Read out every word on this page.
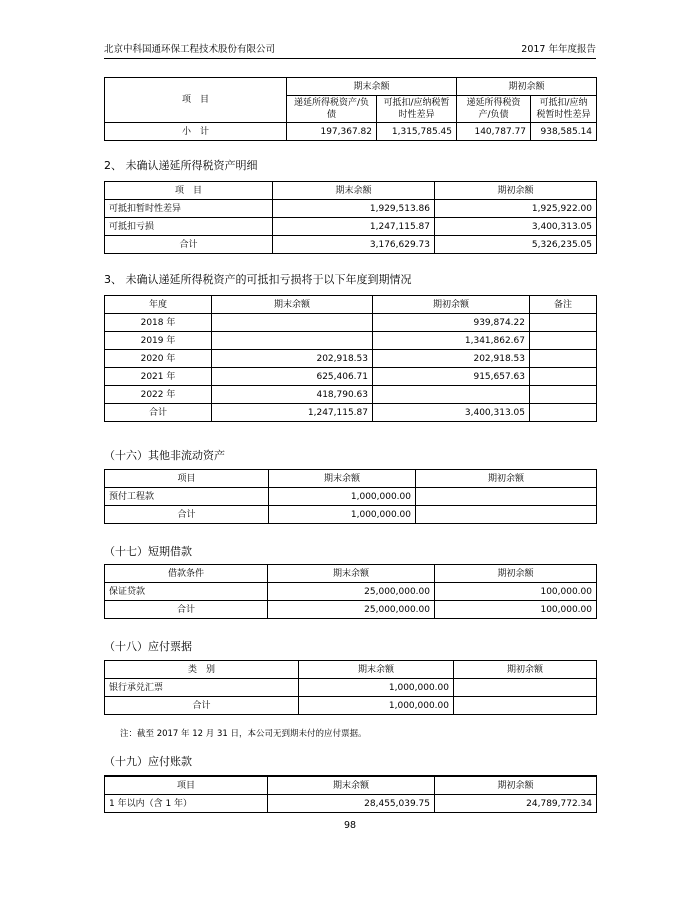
北京中科国通环保工程技术股份有限公司	2017 年年度报告
项　目	期末余额		期初余额	
	递延所得税资产/负债	可抵扣/应纳税暂时性差异	递延所得税资产/负债	可抵扣/应纳税暂时性差异
小　计	197,367.82	1,315,785.45	140,787.77	938,585.14
2、 未确认递延所得税资产明细
项　目	期末余额	期初余额
可抵扣暂时性差异	1,929,513.86	1,925,922.00
可抵扣亏损	1,247,115.87	3,400,313.05
合计	3,176,629.73	5,326,235.05
3、 未确认递延所得税资产的可抵扣亏损将于以下年度到期情况
年度	期末余额	期初余额	备注
2018 年		939,874.22	
2019 年		1,341,862.67	
2020 年	202,918.53	202,918.53	
2021 年	625,406.71	915,657.63	
2022 年	418,790.63		
合计	1,247,115.87	3,400,313.05	
（十六）其他非流动资产
项目	期末余额	期初余额
预付工程款	1,000,000.00	
合计	1,000,000.00	
（十七）短期借款
借款条件	期末余额	期初余额
保证贷款	25,000,000.00	100,000.00
合计	25,000,000.00	100,000.00
（十八）应付票据
类　别	期末余额	期初余额
银行承兑汇票	1,000,000.00	
合计	1,000,000.00	
注：截至 2017 年 12 月 31 日，本公司无到期未付的应付票据。
（十九）应付账款
项目	期末余额	期初余额
1 年以内（含 1 年）	28,455,039.75	24,789,772.34
98
